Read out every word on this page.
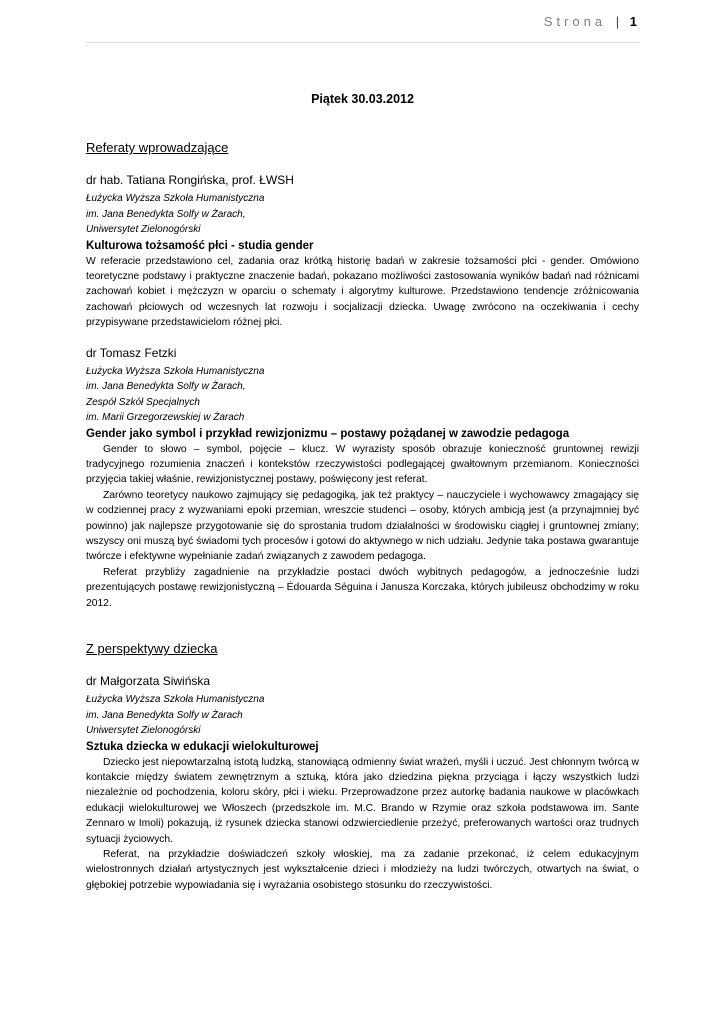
Strona | 1

Piątek 30.03.2012

Referaty wprowadzające

dr hab. Tatiana Rongińska, prof. ŁWSH

Łużycka Wyższa Szkoła Humanistyczna

im. Jana Benedykta Solfy w Żarach,

Uniwersytet Zielonogórski

Kulturowa tożsamość płci - studia gender

W referacie przedstawiono cel, zadania oraz krótką historię badań w zakresie tożsamości płci - gender. Omówiono teoretyczne podstawy i praktyczne znaczenie badań, pokazano możliwości zastosowania wyników badań nad różnicami zachowań kobiet i mężczyzn w oparciu o schematy i algorytmy kulturowe. Przedstawiono tendencje zróżnicowania zachowań płciowych od wczesnych lat rozwoju i socjalizacji dziecka. Uwagę zwrócono na oczekiwania i cechy przypisywane przedstawicielom różnej płci.

dr Tomasz Fetzki

Łużycka Wyższa Szkoła Humanistyczna

im. Jana Benedykta Solfy w Żarach,

Zespół Szkół Specjalnych

im. Marii Grzegorzewskiej w Żarach

Gender jako symbol i przykład rewizjonizmu – postawy pożądanej w zawodzie pedagoga

Gender to słowo – symbol, pojęcie – klucz. W wyrazisty sposób obrazuje konieczność gruntownej rewizji tradycyjnego rozumienia znaczeń i kontekstów rzeczywistości podlegającej gwałtownym przemianom. Konieczności przyjęcia takiej właśnie, rewizjonistycznej postawy, poświęcony jest referat.

Zarówno teoretycy naukowo zajmujący się pedagogiką, jak też praktycy – nauczyciele i wychowawcy zmagający się w codziennej pracy z wyzwaniami epoki przemian, wreszcie studenci – osoby, których ambicją jest (a przynajmniej być powinno) jak najlepsze przygotowanie się do sprostania trudom działalności w środowisku ciągłej i gruntownej zmiany; wszyscy oni muszą być świadomi tych procesów i gotowi do aktywnego w nich udziału. Jedynie taka postawa gwarantuje twórcze i efektywne wypełnianie zadań związanych z zawodem pedagoga.

Referat przybliży zagadnienie na przykładzie postaci dwóch wybitnych pedagogów, a jednocześnie ludzi prezentujących postawę rewizjonistyczną – Édouarda Séguina i Janusza Korczaka, których jubileusz obchodzimy w roku 2012.

Z perspektywy dziecka

dr Małgorzata Siwińska

Łużycka Wyższa Szkoła Humanistyczna

im. Jana Benedykta Solfy w Żarach

Uniwersytet Zielonogórski

Sztuka dziecka w edukacji wielokulturowej

Dziecko jest niepowtarzalną istotą ludzką, stanowiącą odmienny świat wrażeń, myśli i uczuć. Jest chłonnym twórcą w kontakcie między światem zewnętrznym a sztuką, która jako dziedzina piękna przyciąga i łączy wszystkich ludzi niezależnie od pochodzenia, koloru skóry, płci i wieku. Przeprowadzone przez autorkę badania naukowe w placówkach edukacji wielokulturowej we Włoszech (przedszkole im. M.C. Brando w Rzymie oraz szkoła podstawowa im. Sante Zennaro w Imoli) pokazują, iż rysunek dziecka stanowi odzwierciedlenie przeżyć, preferowanych wartości oraz trudnych sytuacji życiowych.

Referat, na przykładzie doświadczeń szkoły włoskiej, ma za zadanie przekonać, iż celem edukacyjnym wielostronnych działań artystycznych jest wykształcenie dzieci i młodzieży na ludzi twórczych, otwartych na świat, o głębokiej potrzebie wypowiadania się i wyrażania osobistego stosunku do rzeczywistości.
